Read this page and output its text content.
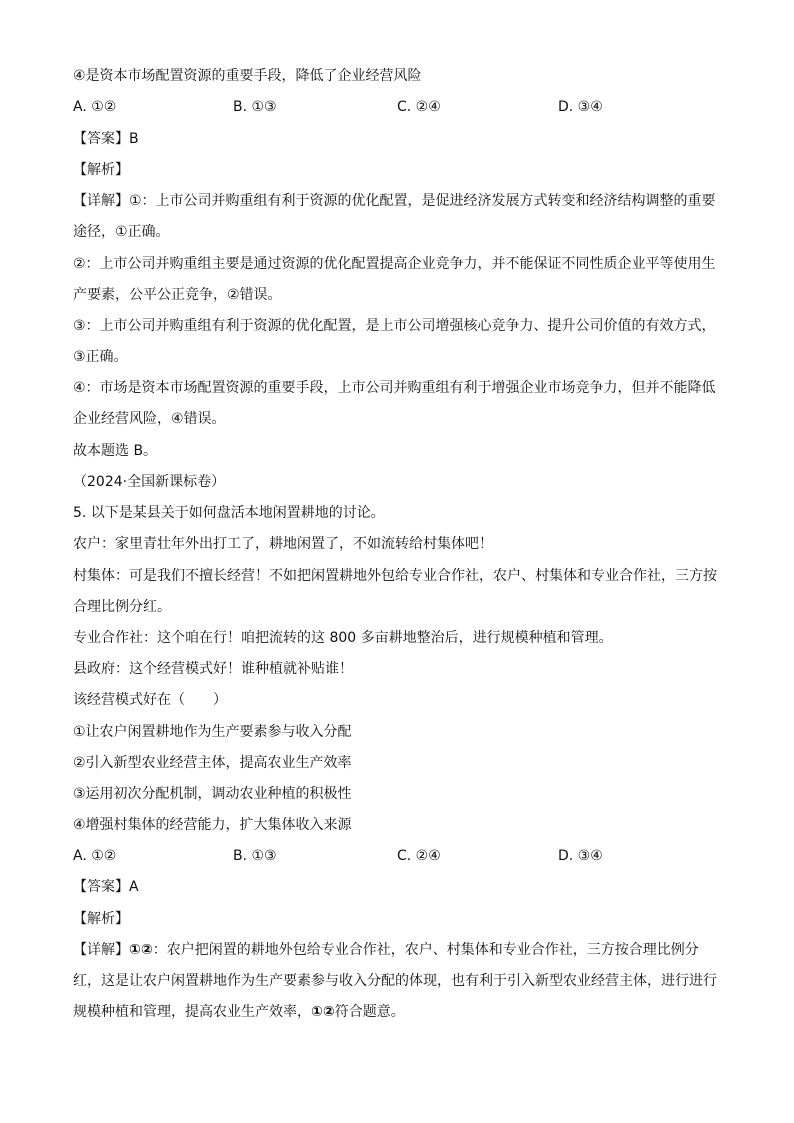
④是资本市场配置资源的重要手段，降低了企业经营风险
A. ①②	B. ①③	C. ②④	D. ③④
【答案】B
【解析】
【详解】①：上市公司并购重组有利于资源的优化配置，是促进经济发展方式转变和经济结构调整的重要
途径，①正确。
②：上市公司并购重组主要是通过资源的优化配置提高企业竞争力，并不能保证不同性质企业平等使用生
产要素，公平公正竞争，②错误。
③：上市公司并购重组有利于资源的优化配置，是上市公司增强核心竞争力、提升公司价值的有效方式，
③正确。
④：市场是资本市场配置资源的重要手段，上市公司并购重组有利于增强企业市场竞争力，但并不能降低
企业经营风险，④错误。
故本题选 B。
（2024·全国新课标卷）
5. 以下是某县关于如何盘活本地闲置耕地的讨论。
农户：家里青壮年外出打工了，耕地闲置了，不如流转给村集体吧！
村集体：可是我们不擅长经营！不如把闲置耕地外包给专业合作社，农户、村集体和专业合作社，三方按
合理比例分红。
专业合作社：这个咱在行！咱把流转的这 800 多亩耕地整治后，进行规模种植和管理。
县政府：这个经营模式好！谁种植就补贴谁！
该经营模式好在（　　）
①让农户闲置耕地作为生产要素参与收入分配
②引入新型农业经营主体，提高农业生产效率
③运用初次分配机制，调动农业种植的积极性
④增强村集体的经营能力，扩大集体收入来源
A. ①②	B. ①③	C. ②④	D. ③④
【答案】A
【解析】
【详解】①②：农户把闲置的耕地外包给专业合作社，农户、村集体和专业合作社，三方按合理比例分
红，这是让农户闲置耕地作为生产要素参与收入分配的体现，也有利于引入新型农业经营主体，进行进行
规模种植和管理，提高农业生产效率，①②符合题意。
